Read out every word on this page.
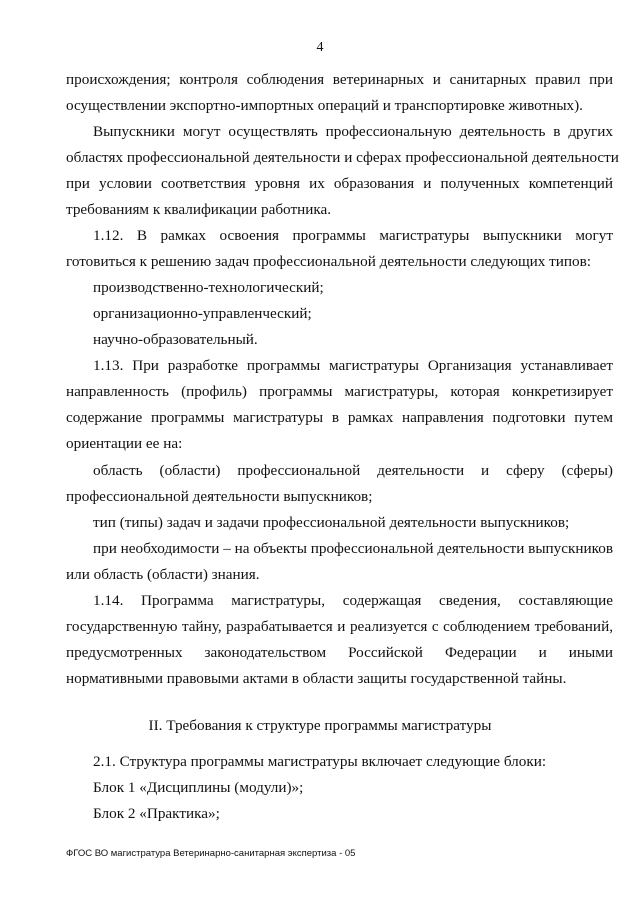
4
происхождения; контроля соблюдения ветеринарных и санитарных правил при
осуществлении экспортно-импортных операций и транспортировке животных).
Выпускники могут осуществлять профессиональную деятельность в других
областях профессиональной деятельности и сферах профессиональной деятельности
при условии соответствия уровня их образования и полученных компетенций
требованиям к квалификации работника.
1.12. В рамках освоения программы магистратуры выпускники могут
готовиться к решению задач профессиональной деятельности следующих типов:
производственно-технологический;
организационно-управленческий;
научно-образовательный.
1.13. При разработке программы магистратуры Организация устанавливает
направленность (профиль) программы магистратуры, которая конкретизирует
содержание программы магистратуры в рамках направления подготовки путем
ориентации ее на:
область (области) профессиональной деятельности и сферу (сферы)
профессиональной деятельности выпускников;
тип (типы) задач и задачи профессиональной деятельности выпускников;
при необходимости – на объекты профессиональной деятельности выпускников
или область (области) знания.
1.14. Программа магистратуры, содержащая сведения, составляющие
государственную тайну, разрабатывается и реализуется с соблюдением требований,
предусмотренных законодательством Российской Федерации и иными
нормативными правовыми актами в области защиты государственной тайны.
II. Требования к структуре программы магистратуры
2.1. Структура программы магистратуры включает следующие блоки:
Блок 1 «Дисциплины (модули)»;
Блок 2 «Практика»;
ФГОС ВО магистратура Ветеринарно-санитарная экспертиза - 05
